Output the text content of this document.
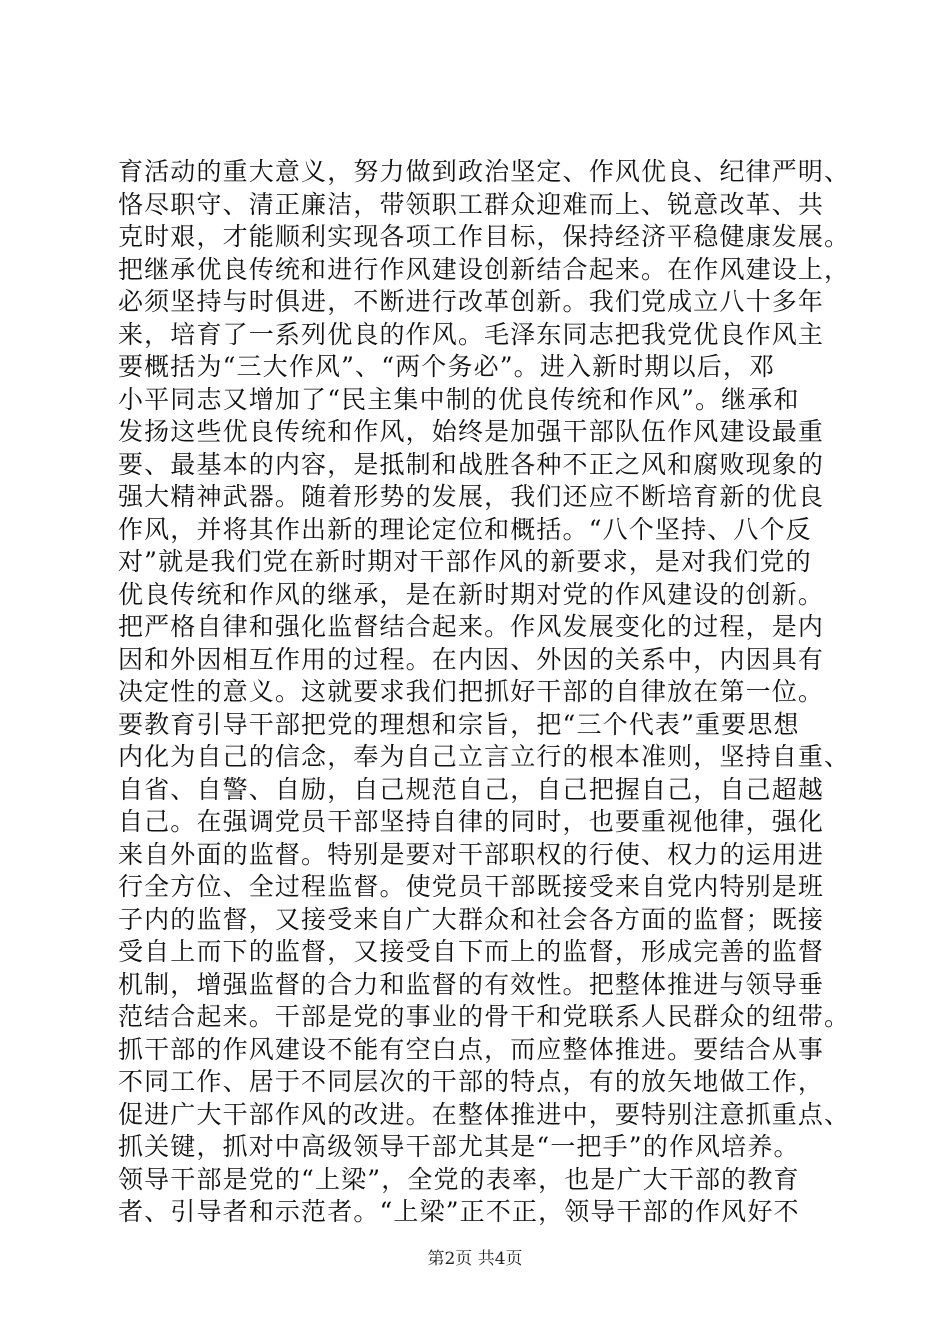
育活动的重大意义，努力做到政治坚定、作风优良、纪律严明、
恪尽职守、清正廉洁，带领职工群众迎难而上、锐意改革、共
克时艰，才能顺利实现各项工作目标，保持经济平稳健康发展。
把继承优良传统和进行作风建设创新结合起来。在作风建设上，
必须坚持与时俱进，不断进行改革创新。我们党成立八十多年
来，培育了一系列优良的作风。毛泽东同志把我党优良作风主
要概括为“三大作风”、“两个务必”。进入新时期以后，邓
小平同志又增加了“民主集中制的优良传统和作风”。继承和
发扬这些优良传统和作风，始终是加强干部队伍作风建设最重
要、最基本的内容，是抵制和战胜各种不正之风和腐败现象的
强大精神武器。随着形势的发展，我们还应不断培育新的优良
作风，并将其作出新的理论定位和概括。“八个坚持、八个反
对”就是我们党在新时期对干部作风的新要求，是对我们党的
优良传统和作风的继承，是在新时期对党的作风建设的创新。
把严格自律和强化监督结合起来。作风发展变化的过程，是内
因和外因相互作用的过程。在内因、外因的关系中，内因具有
决定性的意义。这就要求我们把抓好干部的自律放在第一位。
要教育引导干部把党的理想和宗旨，把“三个代表”重要思想
内化为自己的信念，奉为自己立言立行的根本准则，坚持自重、
自省、自警、自励，自己规范自己，自己把握自己，自己超越
自己。在强调党员干部坚持自律的同时，也要重视他律，强化
来自外面的监督。特别是要对干部职权的行使、权力的运用进
行全方位、全过程监督。使党员干部既接受来自党内特别是班
子内的监督，又接受来自广大群众和社会各方面的监督；既接
受自上而下的监督，又接受自下而上的监督，形成完善的监督
机制，增强监督的合力和监督的有效性。把整体推进与领导垂
范结合起来。干部是党的事业的骨干和党联系人民群众的纽带。
抓干部的作风建设不能有空白点，而应整体推进。要结合从事
不同工作、居于不同层次的干部的特点，有的放矢地做工作，
促进广大干部作风的改进。在整体推进中，要特别注意抓重点、
抓关键，抓对中高级领导干部尤其是“一把手”的作风培养。
领导干部是党的“上梁”，全党的表率，也是广大干部的教育
者、引导者和示范者。“上梁”正不正，领导干部的作风好不
第2页 共4页
